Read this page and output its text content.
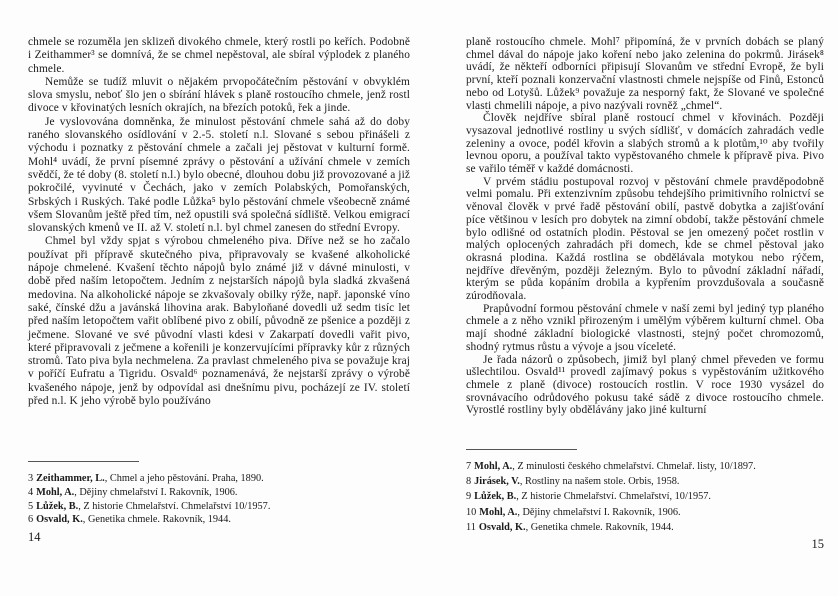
chmele se rozuměla jen sklizeň divokého chmele, který rostli po keřích. Podobně i Zeithammer³ se domnívá, že se chmel nepěstoval, ale sbíral výplodek z planého chmele.

Nemůže se tudíž mluvit o nějakém prvopočátečním pěstování v obvyklém slova smyslu, neboť šlo jen o sbírání hlávek s planě rostoucího chmele, jenž rostl divoce v křovinatých lesních okrajích, na březích potoků, řek a jinde.

Je vyslovována domněnka, že minulost pěstování chmele sahá až do doby raného slovanského osídlování v 2.-5. století n.l. Slované s sebou přinášeli z východu i poznatky z pěstování chmele a začali jej pěstovat v kulturní formě. Mohl⁴ uvádí, že první písemné zprávy o pěstování a užívání chmele v zemích svědčí, že té doby (8. století n.l.) bylo obecné, dlouhou dobu již provozované a již pokročilé, vyvinuté v Čechách, jako v zemích Polabských, Pomořanských, Srbských i Ruských. Také podle Lůžka⁵ bylo pěstování chmele všeobecně známé všem Slovanům ještě před tím, než opustili svá společná sídliště. Velkou emigrací slovanských kmenů ve II. až V. století n.l. byl chmel zanesen do střední Evropy.

Chmel byl vždy spjat s výrobou chmeleného piva. Dříve než se ho začalo používat při přípravě skutečného piva, připravovaly se kvašené alkoholické nápoje chmelené. Kvašení těchto nápojů bylo známé již v dávné minulosti, v době před naším letopočtem. Jedním z nejstarších nápojů byla sladká zkvašená medovina. Na alkoholické nápoje se zkvašovaly obilky rýže, např. japonské víno saké, čínské džu a javánská lihovina arak. Babyloňané dovedli už sedm tisíc let před naším letopočtem vařit oblíbené pivo z obilí, původně ze pšenice a později z ječmene. Slované ve své původní vlasti kdesi v Zakarpatí dovedli vařit pivo, které připravovali z ječmene a kořenili je konzervujícími přípravky kůr z různých stromů. Tato piva byla nechmelena. Za pravlast chmeleného piva se považuje kraj v poříčí Eufratu a Tigridu. Osvald⁶ poznamenává, že nejstarší zprávy o výrobě kvašeného nápoje, jenž by odpovídal asi dnešnímu pivu, pocházejí ze IV. století před n.l. K jeho výrobě bylo používáno

3 Zeithammer, L., Chmel a jeho pěstování. Praha, 1890.

4 Mohl, A., Dějiny chmelařství I. Rakovník, 1906.

5 Lůžek, B., Z historie Chmelařství. Chmelařství 10/1957.

6 Osvald, K., Genetika chmele. Rakovník, 1944.

14

planě rostoucího chmele. Mohl⁷ připomíná, že v prvních dobách se planý chmel dával do nápoje jako koření nebo jako zelenina do pokrmů. Jirásek⁸ uvádí, že někteří odborníci připisují Slovanům ve střední Evropě, že byli první, kteří poznali konzervační vlastnosti chmele nejspíše od Finů, Estonců nebo od Lotyšů. Lůžek⁹ považuje za nesporný fakt, že Slované ve společné vlasti chmelili nápoje, a pivo nazývali rovněž „chmel“.

Člověk nejdříve sbíral planě rostoucí chmel v křovinách. Později vysazoval jednotlivé rostliny u svých sídlišť, v domácích zahradách vedle zeleniny a ovoce, podél křovin a slabých stromů a k plotům,¹⁰ aby tvořily levnou oporu, a používal takto vypěstovaného chmele k přípravě piva. Pivo se vařilo téměř v každé domácnosti.

V prvém stádiu postupoval rozvoj v pěstování chmele pravděpodobně velmi pomalu. Při extenzivním způsobu tehdejšího primitivního rolnictví se věnoval člověk v prvé řadě pěstování obilí, pastvě dobytka a zajišťování píce většinou v lesích pro dobytek na zimní období, takže pěstování chmele bylo odlišné od ostatních plodin. Pěstoval se jen omezený počet rostlin v malých oplocených zahradách při domech, kde se chmel pěstoval jako okrasná plodina. Každá rostlina se obdělávala motykou nebo rýčem, nejdříve dřevěným, později železným. Bylo to původní základní nářadí, kterým se půda kopáním drobila a kypřením provzdušovala a současně zúrodňovala.

Prapůvodní formou pěstování chmele v naší zemi byl jediný typ planého chmele a z něho vznikl přirozeným i umělým výběrem kulturní chmel. Oba mají shodné základní biologické vlastnosti, stejný počet chromozomů, shodný rytmus růstu a vývoje a jsou víceleté.

Je řada názorů o způsobech, jimiž byl planý chmel převeden ve formu ušlechtilou. Osvald¹¹ provedl zajímavý pokus s vypěstováním užitkového chmele z planě (divoce) rostoucích rostlin. V roce 1930 vysázel do srovnávacího odrůdového pokusu také sádě z divoce rostoucího chmele. Vyrostlé rostliny byly obdělávány jako jiné kulturní

7 Mohl, A., Z minulosti českého chmelařství. Chmelař. listy, 10/1897.

8 Jirásek, V., Rostliny na našem stole. Orbis, 1958.

9 Lůžek, B., Z historie Chmelařství. Chmelařství, 10/1957.

10 Mohl, A., Dějiny chmelařství I. Rakovník, 1906.

11 Osvald, K., Genetika chmele. Rakovník, 1944.

15
